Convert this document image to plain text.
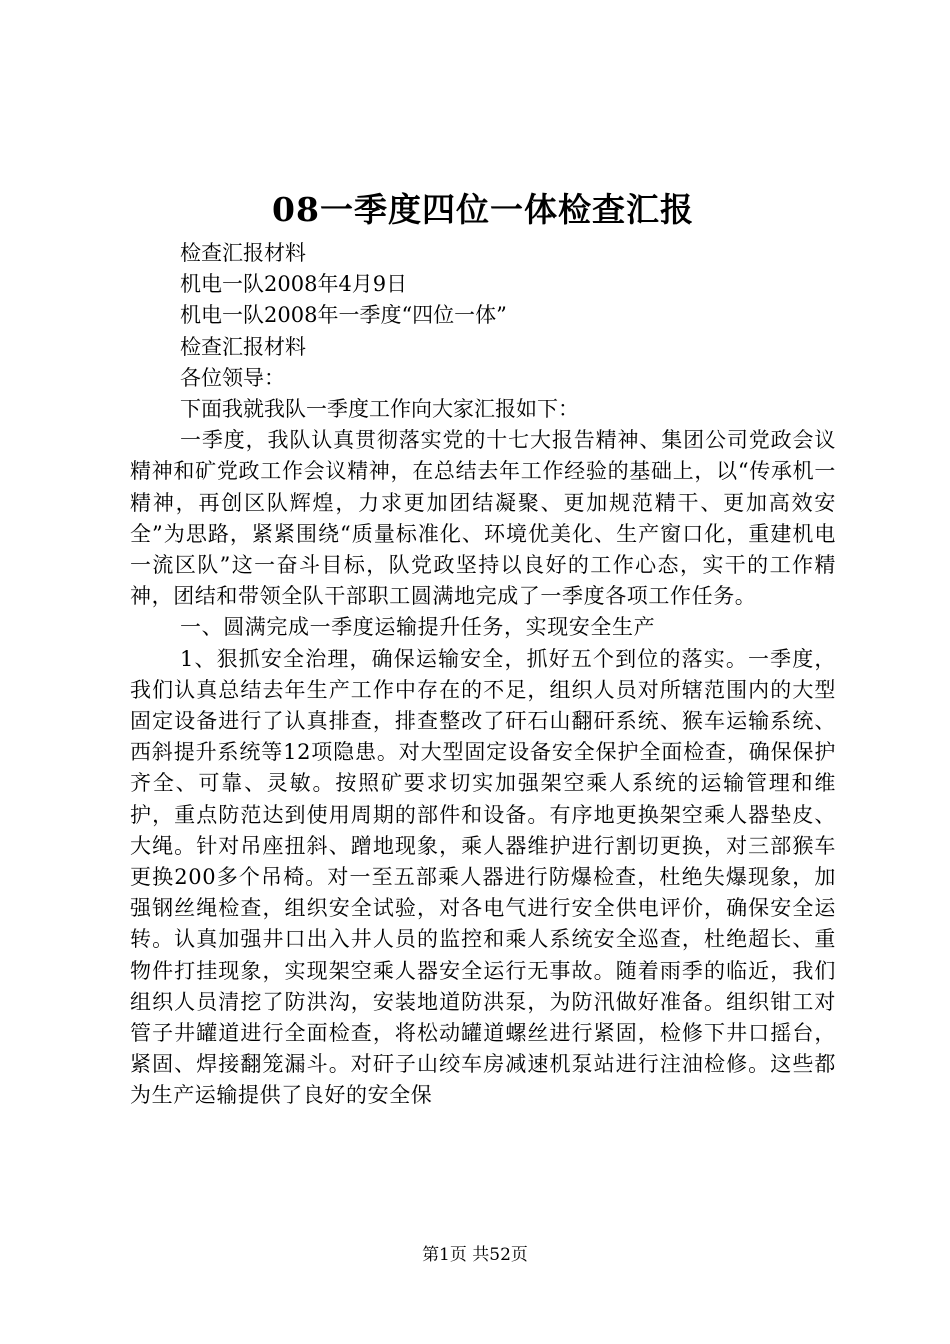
08一季度四位一体检查汇报

检查汇报材料

机电一队2008年4月9日

机电一队2008年一季度“四位一体”

检查汇报材料

各位领导：

下面我就我队一季度工作向大家汇报如下：

一季度，我队认真贯彻落实党的十七大报告精神、集团公司党政会议精神和矿党政工作会议精神，在总结去年工作经验的基础上，以“传承机一精神，再创区队辉煌，力求更加团结凝聚、更加规范精干、更加高效安全”为思路，紧紧围绕“质量标准化、环境优美化、生产窗口化，重建机电一流区队”这一奋斗目标，队党政坚持以良好的工作心态，实干的工作精神，团结和带领全队干部职工圆满地完成了一季度各项工作任务。

一、圆满完成一季度运输提升任务，实现安全生产

1、狠抓安全治理，确保运输安全，抓好五个到位的落实。一季度，我们认真总结去年生产工作中存在的不足，组织人员对所辖范围内的大型固定设备进行了认真排查，排查整改了矸石山翻矸系统、猴车运输系统、西斜提升系统等12项隐患。对大型固定设备安全保护全面检查，确保保护齐全、可靠、灵敏。按照矿要求切实加强架空乘人系统的运输管理和维护，重点防范达到使用周期的部件和设备。有序地更换架空乘人器垫皮、大绳。针对吊座扭斜、蹭地现象，乘人器维护进行割切更换，对三部猴车更换200多个吊椅。对一至五部乘人器进行防爆检查，杜绝失爆现象，加强钢丝绳检查，组织安全试验，对各电气进行安全供电评价，确保安全运转。认真加强井口出入井人员的监控和乘人系统安全巡查，杜绝超长、重物件打挂现象，实现架空乘人器安全运行无事故。随着雨季的临近，我们组织人员清挖了防洪沟，安装地道防洪泵，为防汛做好准备。组织钳工对管子井罐道进行全面检查，将松动罐道螺丝进行紧固，检修下井口摇台，紧固、焊接翻笼漏斗。对矸子山绞车房减速机泵站进行注油检修。这些都为生产运输提供了良好的安全保

第1页 共52页
